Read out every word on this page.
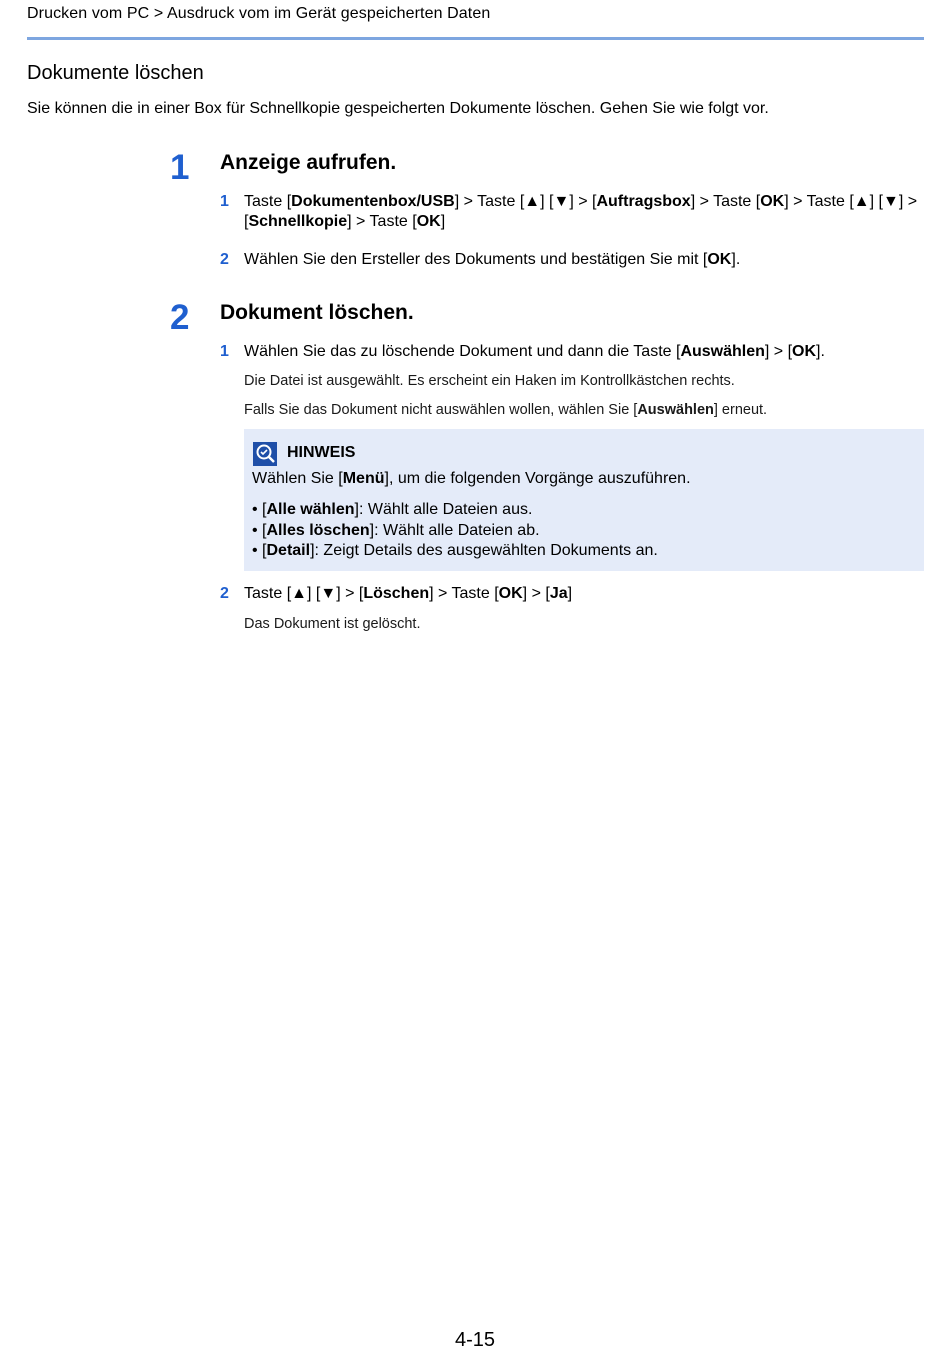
Drucken vom PC > Ausdruck vom im Gerät gespeicherten Daten
Dokumente löschen
Sie können die in einer Box für Schnellkopie gespeicherten Dokumente löschen. Gehen Sie wie folgt vor.
1 Anzeige aufrufen.
1 Taste [Dokumentenbox/USB] > Taste [▲] [▼] > [Auftragsbox] > Taste [OK] > Taste [▲] [▼] > [Schnellkopie] > Taste [OK]
2 Wählen Sie den Ersteller des Dokuments und bestätigen Sie mit [OK].
2 Dokument löschen.
1 Wählen Sie das zu löschende Dokument und dann die Taste [Auswählen] > [OK].
Die Datei ist ausgewählt. Es erscheint ein Haken im Kontrollkästchen rechts.
Falls Sie das Dokument nicht auswählen wollen, wählen Sie [Auswählen] erneut.
HINWEIS
Wählen Sie [Menü], um die folgenden Vorgänge auszuführen.
• [Alle wählen]: Wählt alle Dateien aus.
• [Alles löschen]: Wählt alle Dateien ab.
• [Detail]: Zeigt Details des ausgewählten Dokuments an.
2 Taste [▲] [▼] > [Löschen] > Taste [OK] > [Ja]
Das Dokument ist gelöscht.
4-15
